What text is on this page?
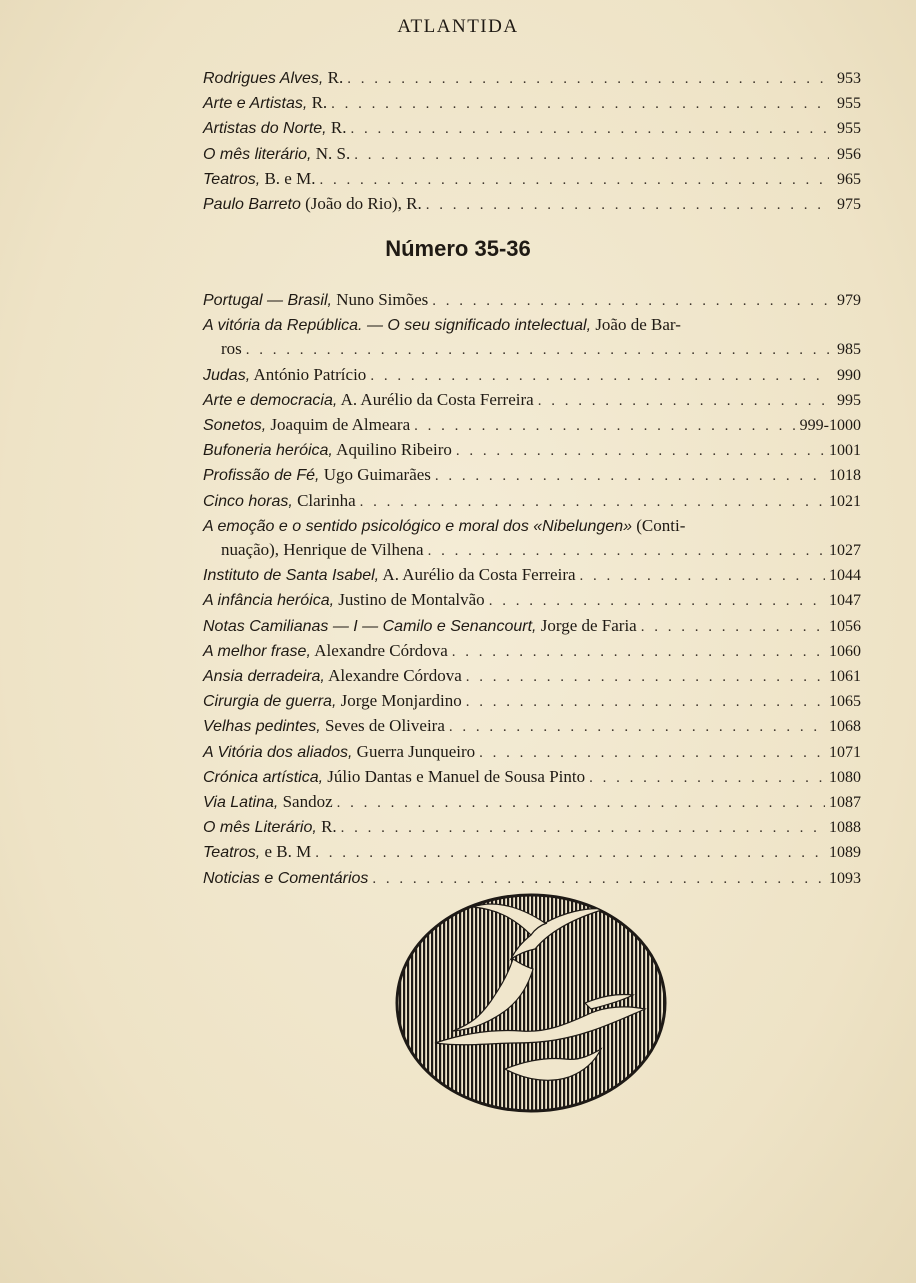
ATLANTIDA
Rodrigues Alves, R. . . .	953
Arte e Artistas, R. . . .	955
Artistas do Norte, R. . . .	955
O mês literário, N. S. . . .	956
Teatros, B. e M. . . .	965
Paulo Barreto (João do Rio), R. . . .	975
Número 35-36
Portugal — Brasil, Nuno Simões . . .	979
A vitória da República. — O seu significado intelectual, João de Bar-
ros . . .	985
Judas, António Patrício . . .	990
Arte e democracia, A. Aurélio da Costa Ferreira . . .	995
Sonetos, Joaquim de Almeara . . .	999-1000
Bufoneria heróica, Aquilino Ribeiro . . .	1001
Profissão de Fé, Ugo Guimarães . . .	1018
Cinco horas, Clarinha . . .	1021
A emoção e o sentido psicológico e moral dos «Nibelungen» (Conti-
nuação), Henrique de Vilhena . . .	1027
Instituto de Santa Isabel, A. Aurélio da Costa Ferreira . . .	1044
A infância heróica, Justino de Montalvão . . .	1047
Notas Camilianas — I — Camilo e Senancourt, Jorge de Faria . . .	1056
A melhor frase, Alexandre Córdova . . .	1060
Ansia derradeira, Alexandre Córdova . . .	1061
Cirurgia de guerra, Jorge Monjardino . . .	1065
Velhas pedintes, Seves de Oliveira . . .	1068
A Vitória dos aliados, Guerra Junqueiro . . .	1071
Crónica artística, Júlio Dantas e Manuel de Sousa Pinto . . .	1080
Via Latina, Sandoz . . .	1087
O mês Literário, R. . . .	1088
Teatros, e B. M . . .	1089
Noticias e Comentários . . .	1093
